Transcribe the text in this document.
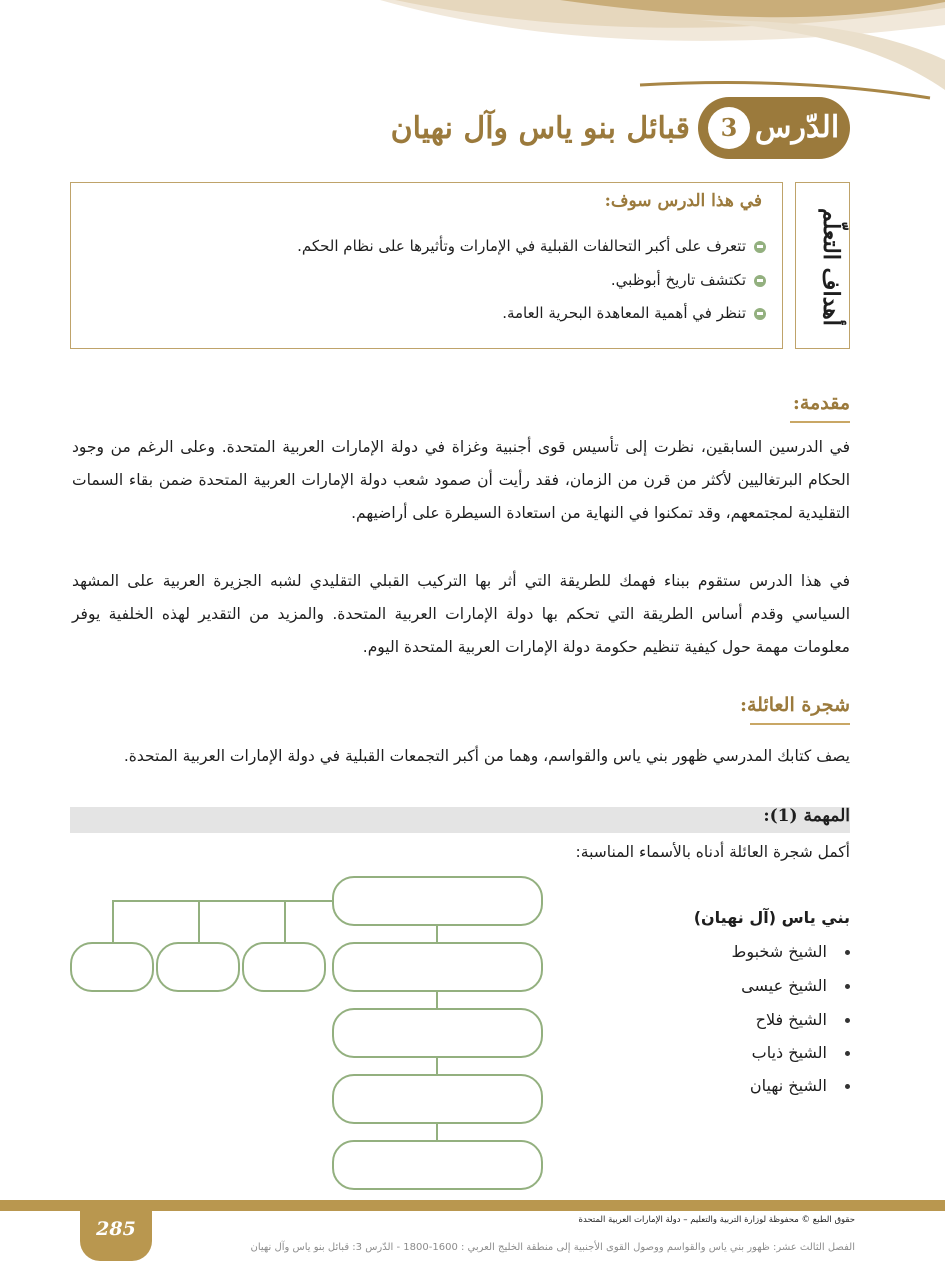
الدّرس
3
قبائل بنو ياس وآل نهيان
أهداف التعلّم
في هذا الدرس سوف:
تتعرف على أكبر التحالفات القبلية في الإمارات وتأثيرها على نظام الحكم.
تكتشف تاريخ أبوظبي.
تنظر في أهمية المعاهدة البحرية العامة.
مقدمة:
في الدرسين السابقين، نظرت إلى تأسيس قوى أجنبية وغزاة في دولة الإمارات العربية المتحدة. وعلى الرغم من وجود الحكام البرتغاليين لأكثر من قرن من الزمان، فقد رأيت أن صمود شعب دولة الإمارات العربية المتحدة ضمن بقاء السمات التقليدية لمجتمعهم، وقد تمكنوا في النهاية من استعادة السيطرة على أراضيهم.
في هذا الدرس ستقوم ببناء فهمك للطريقة التي أثر بها التركيب القبلي التقليدي لشبه الجزيرة العربية على المشهد السياسي وقدم أساس الطريقة التي تحكم بها دولة الإمارات العربية المتحدة. والمزيد من التقدير لهذه الخلفية يوفر معلومات مهمة حول كيفية تنظيم حكومة دولة الإمارات العربية المتحدة اليوم.
شجرة العائلة:
يصف كتابك المدرسي ظهور بني ياس والقواسم، وهما من أكبر التجمعات القبلية في دولة الإمارات العربية المتحدة.
المهمة (1):
أكمل شجرة العائلة أدناه بالأسماء المناسبة:
بني ياس (آل نهيان)
الشيخ شخبوط
الشيخ عيسى
الشيخ فلاح
الشيخ ذياب
الشيخ نهيان
285	حقوق الطبع © محفوظة لوزارة التربية والتعليم – دولة الإمارات العربية المتحدة
الفصل الثالث عشر: ظهور بني ياس والقواسم ووصول القوى الأجنبية إلى منطقة الخليج العربي : 1600-1800 - الدّرس 3: قبائل بنو ياس وآل نهيان
